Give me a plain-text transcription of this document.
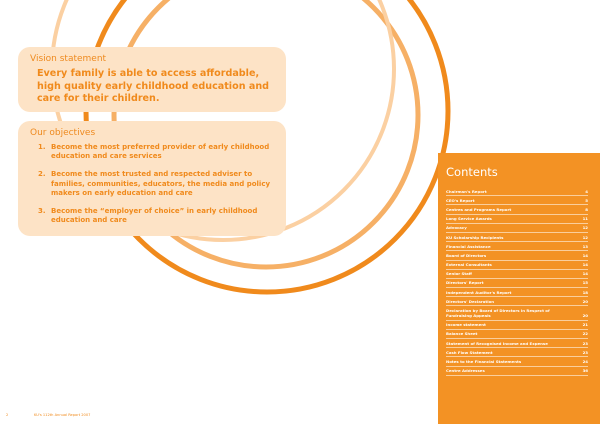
Vision statement
Every family is able to access affordable, high quality early childhood education and care for their children.
Our objectives
1. Become the most preferred provider of early childhood education and care services
2. Become the most trusted and respected adviser to families, communities, educators, the media and policy makers on early education and care
3. Become the “employer of choice” in early childhood education and care
Contents
Chairman's Report	4
CEO's Report	5
Centres and Programs Report	8
Long Service Awards	11
Advocacy	12
KU Scholarship Recipients	12
Financial Assistance	13
Board of Directors	14
External Consultants	14
Senior Staff	14
Directors' Report	15
Independent Auditor's Report	18
Directors' Declaration	20
Declaration by Board of Directors in Respect of Fundraising Appeals	20
Income statement	21
Balance Sheet	22
Statement of Recognised Income and Expense	23
Cash Flow Statement	23
Notes to the Financial Statements	24
Centre Addresses	36
2	KU's 112th Annual Report 2007
